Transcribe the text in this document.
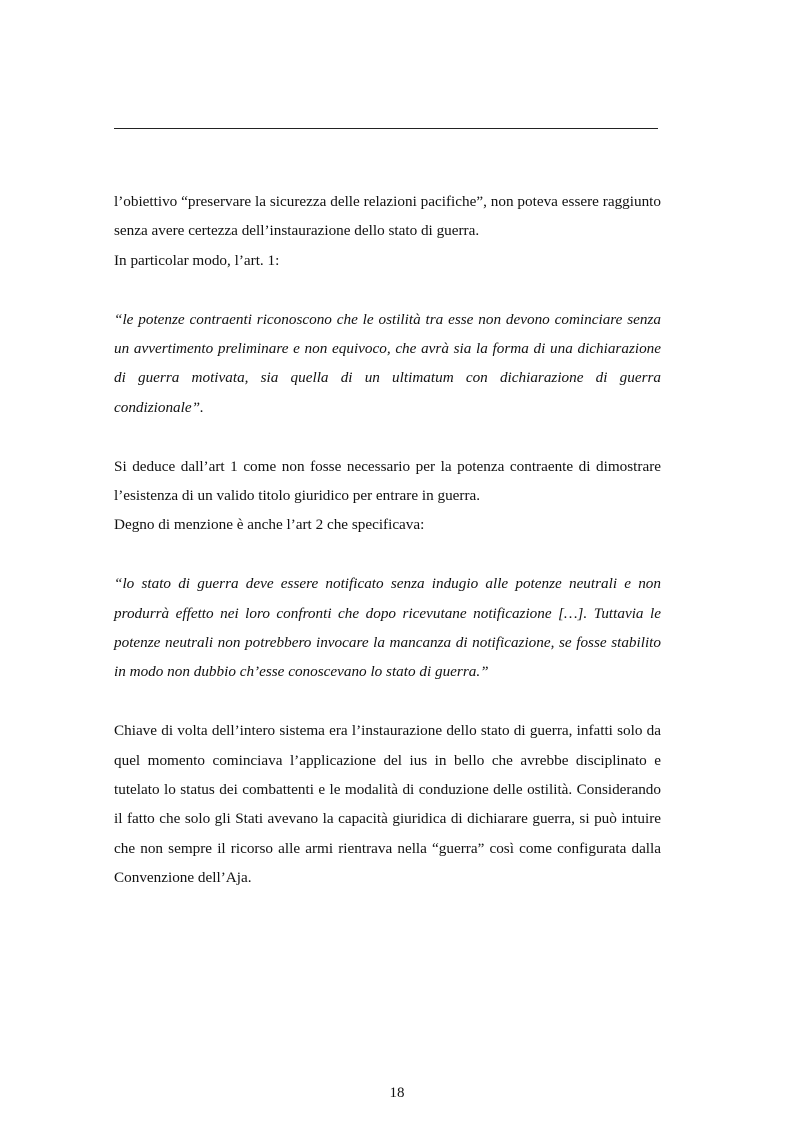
l’obiettivo “preservare la sicurezza delle relazioni pacifiche”, non poteva essere raggiunto senza avere certezza dell’instaurazione dello stato di guerra.

In particolar modo, l’art. 1:

“le potenze contraenti riconoscono che le ostilità tra esse non devono cominciare senza un avvertimento preliminare e non equivoco, che avrà sia la forma di una dichiarazione di guerra motivata, sia quella di un ultimatum con dichiarazione di guerra condizionale”.

Si deduce dall’art 1 come non fosse necessario per la potenza contraente di dimostrare l’esistenza di un valido titolo giuridico per entrare in guerra.

Degno di menzione è anche l’art 2 che specificava:

“lo stato di guerra deve essere notificato senza indugio alle potenze neutrali e non produrrà effetto nei loro confronti che dopo ricevutane notificazione […]. Tuttavia le potenze neutrali non potrebbero invocare la mancanza di notificazione, se fosse stabilito in modo non dubbio ch’esse conoscevano lo stato di guerra.”

Chiave di volta dell’intero sistema era l’instaurazione dello stato di guerra, infatti solo da quel momento cominciava l’applicazione del ius in bello che avrebbe disciplinato e tutelato lo status dei combattenti e le modalità di conduzione delle ostilità. Considerando il fatto che solo gli Stati avevano la capacità giuridica di dichiarare guerra, si può intuire che non sempre il ricorso alle armi rientrava nella “guerra” così come configurata dalla Convenzione dell’Aja.

18
